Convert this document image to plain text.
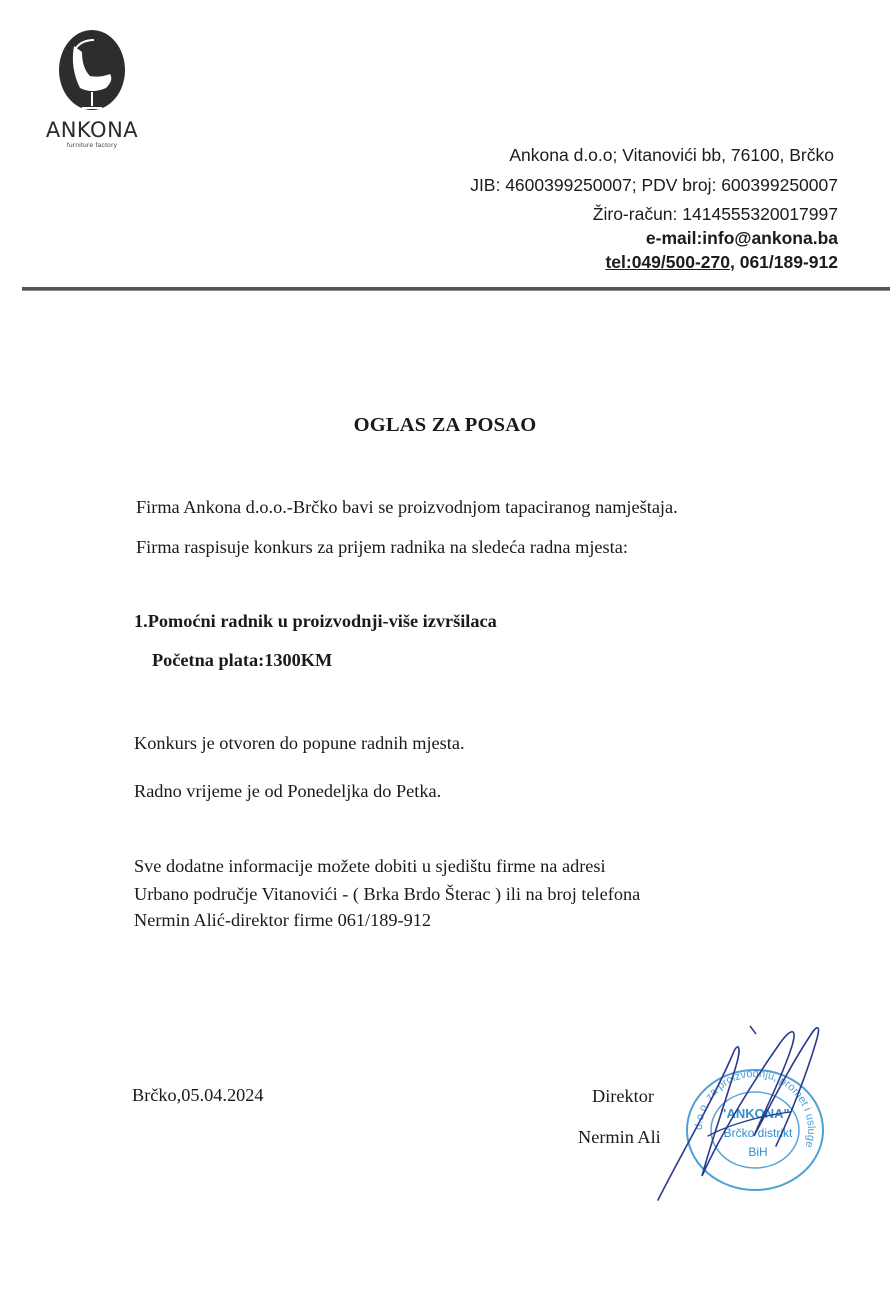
ANKONA
furniture factory	Ankona d.o.o; Vitanovići bb, 76100, Brčko
JIB: 4600399250007; PDV broj: 600399250007
Žiro-račun: 1414555320017997
e-mail:info@ankona.ba
tel:049/500-270, 061/189-912
OGLAS ZA POSAO
Firma Ankona d.o.o.-Brčko bavi se proizvodnjom tapaciranog namještaja.
Firma raspisuje konkurs za prijem radnika na sledeća radna mjesta:
1.Pomoćni radnik u proizvodnji-više izvršilaca
Početna plata:1300KM
Konkurs je otvoren do popune radnih mjesta.
Radno vrijeme je od Ponedeljka do Petka.
Sve dodatne informacije možete dobiti u sjedištu firme na adresi
Urbano područje Vitanovići - ( Brka Brdo Šterac ) ili na broj telefona
Nermin Alić-direktor firme 061/189-912
Brčko,05.04.2024	Direktor
Nermin Ali
d.o.o. za proizvodnju, promet i usluge
"ANKONA"
Brčko distrikt
BiH
